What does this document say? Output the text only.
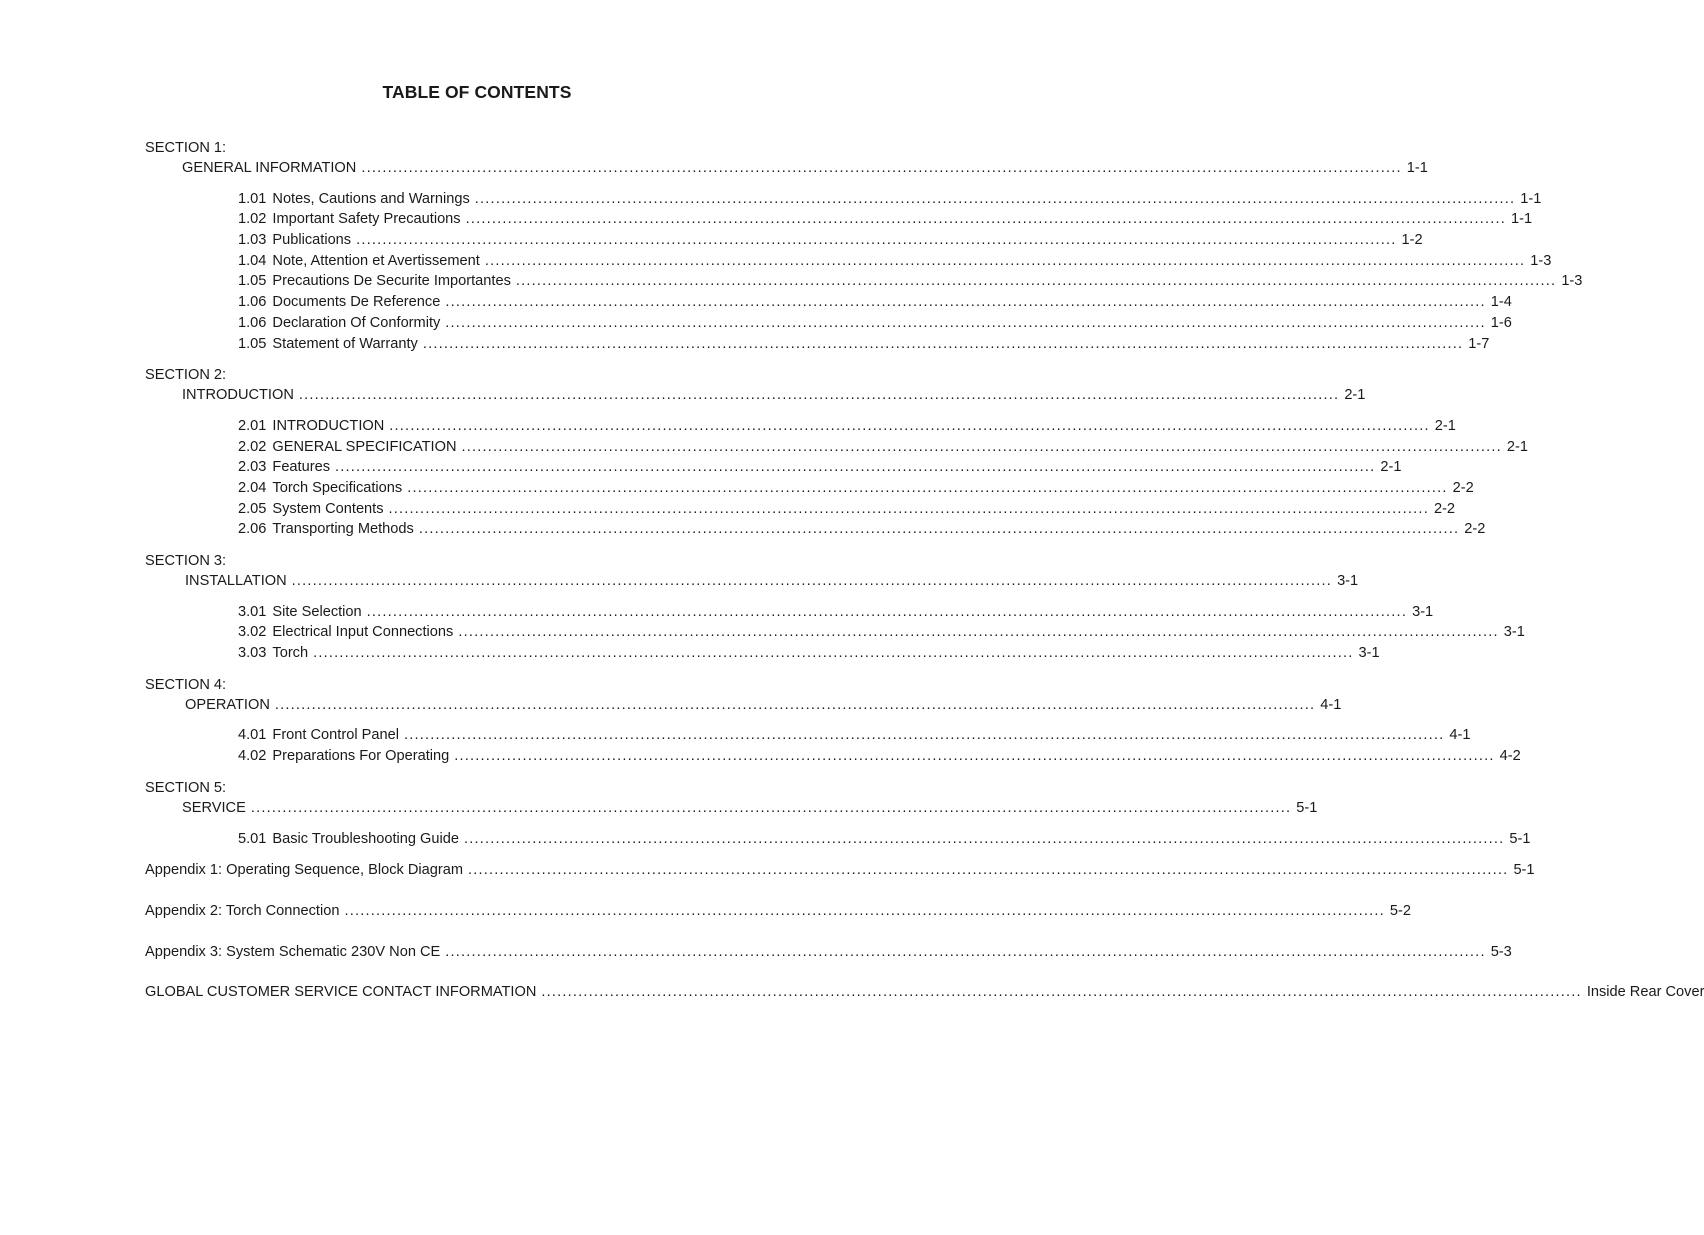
TABLE OF CONTENTS
SECTION 1:
GENERAL INFORMATION ...................................................................................................................................................................................................... 1-1
1.01 Notes, Cautions and Warnings ...................................................................................................................................................................................................... 1-1
1.02 Important Safety Precautions ...................................................................................................................................................................................................... 1-1
1.03 Publications ...................................................................................................................................................................................................... 1-2
1.04 Note, Attention et Avertissement ...................................................................................................................................................................................................... 1-3
1.05 Precautions De Securite Importantes ...................................................................................................................................................................................................... 1-3
1.06 Documents De Reference ...................................................................................................................................................................................................... 1-4
1.06 Declaration Of Conformity ...................................................................................................................................................................................................... 1-6
1.05 Statement of Warranty ...................................................................................................................................................................................................... 1-7
SECTION 2:
INTRODUCTION ...................................................................................................................................................................................................... 2-1
2.01 INTRODUCTION ...................................................................................................................................................................................................... 2-1
2.02 GENERAL SPECIFICATION ...................................................................................................................................................................................................... 2-1
2.03 Features ...................................................................................................................................................................................................... 2-1
2.04 Torch Specifications ...................................................................................................................................................................................................... 2-2
2.05 System Contents ...................................................................................................................................................................................................... 2-2
2.06 Transporting Methods ...................................................................................................................................................................................................... 2-2
SECTION 3:
INSTALLATION ...................................................................................................................................................................................................... 3-1
3.01 Site Selection ...................................................................................................................................................................................................... 3-1
3.02 Electrical Input Connections ...................................................................................................................................................................................................... 3-1
3.03 Torch ...................................................................................................................................................................................................... 3-1
SECTION 4:
OPERATION ...................................................................................................................................................................................................... 4-1
4.01 Front Control Panel ...................................................................................................................................................................................................... 4-1
4.02 Preparations For Operating ...................................................................................................................................................................................................... 4-2
SECTION 5:
SERVICE ...................................................................................................................................................................................................... 5-1
5.01 Basic Troubleshooting Guide ...................................................................................................................................................................................................... 5-1
Appendix 1: Operating Sequence, Block Diagram ...................................................................................................................................................................................................... 5-1
Appendix 2: Torch Connection ...................................................................................................................................................................................................... 5-2
Appendix 3: System Schematic 230V Non CE ...................................................................................................................................................................................................... 5-3
GLOBAL CUSTOMER SERVICE CONTACT INFORMATION ...................................................................................................................................................................................................... Inside Rear Cover
